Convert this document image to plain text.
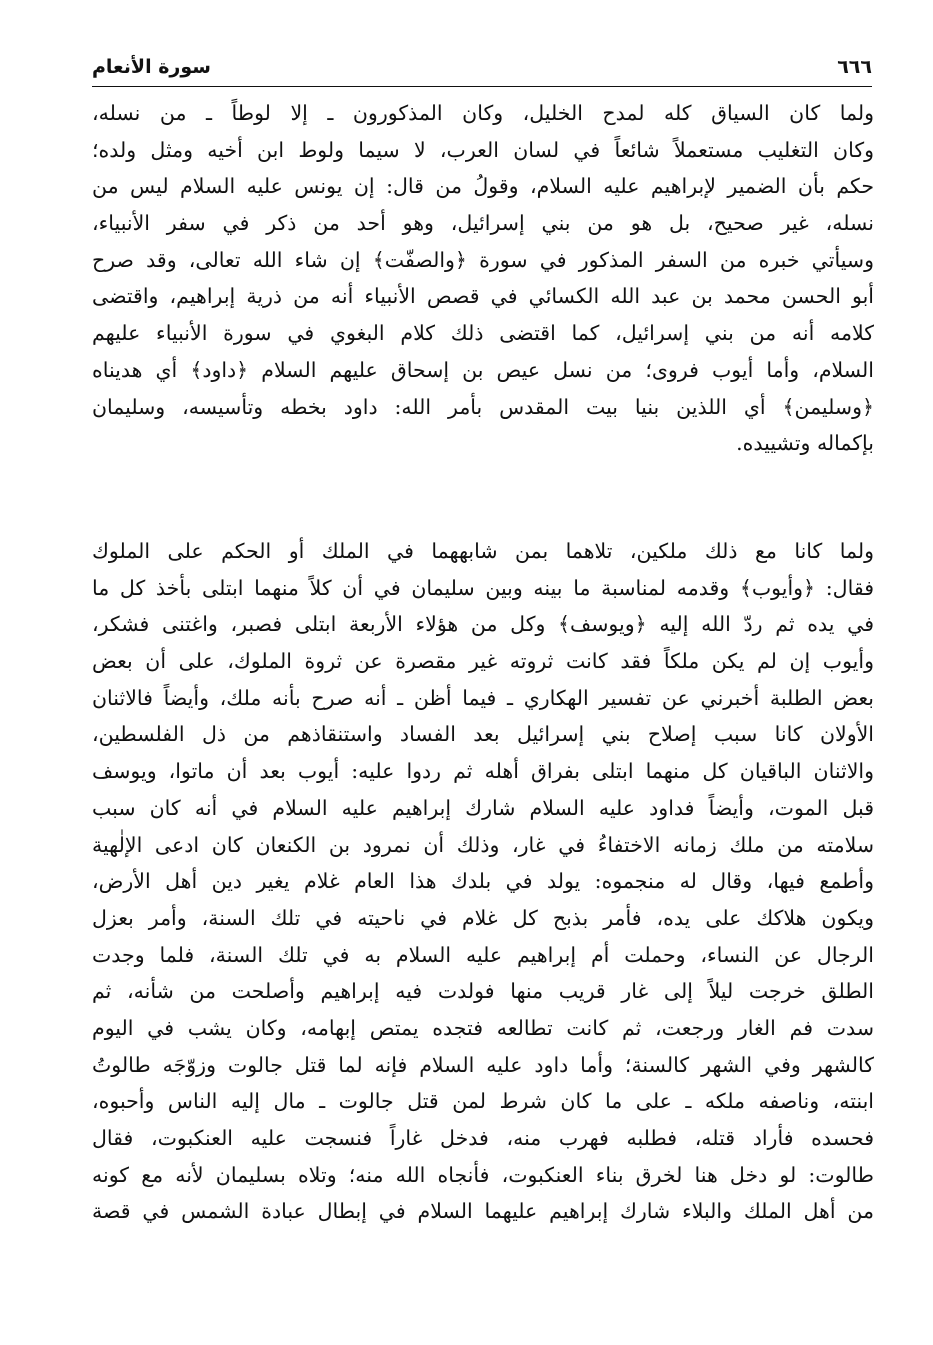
٦٦٦
سورة الأنعام
ولما كان السياق كله لمدح الخليل، وكان المذكورون ـ إلا لوطاً ـ من نسله،
وكان التغليب مستعملاً شائعاً في لسان العرب، لا سيما ولوط ابن أخيه ومثل ولده؛
حكم بأن الضمير لإبراهيم عليه السلام، وقولُ من قال: إن يونس عليه السلام ليس من
نسله، غير صحيح، بل هو من بني إسرائيل، وهو أحد من ذكر في سفر الأنبياء،
وسيأتي خبره من السفر المذكور في سورة ﴿والصفّت﴾ إن شاء الله تعالى، وقد صرح
أبو الحسن محمد بن عبد الله الكسائي في قصص الأنبياء أنه من ذرية إبراهيم، واقتضى
كلامه أنه من بني إسرائيل، كما اقتضى ذلك كلام البغوي في سورة الأنبياء عليهم
السلام، وأما أيوب فروى؛ من نسل عيص بن إسحاق عليهم السلام ﴿داود﴾ أي هديناه
﴿وسليمن﴾ أي اللذين بنيا بيت المقدس بأمر الله: داود بخطه وتأسيسه، وسليمان
بإكماله وتشييده.
ولما كانا مع ذلك ملكين، تلاهما بمن شابههما في الملك أو الحكم على الملوك
فقال: ﴿وأيوب﴾ وقدمه لمناسبة ما بينه وبين سليمان في أن كلاً منهما ابتلى بأخذ كل ما
في يده ثم ردّ الله إليه ﴿ويوسف﴾ وكل من هؤلاء الأربعة ابتلى فصبر، واغتنى فشكر،
وأيوب إن لم يكن ملكاً فقد كانت ثروته غير مقصرة عن ثروة الملوك، على أن بعض
بعض الطلبة أخبرني عن تفسير الهكاري ـ فيما أظن ـ أنه صرح بأنه ملك، وأيضاً فالاثنان
الأولان كانا سبب إصلاح بني إسرائيل بعد الفساد واستنقاذهم من ذل الفلسطين،
والاثنان الباقيان كل منهما ابتلى بفراق أهله ثم ردوا عليه: أيوب بعد أن ماتوا، ويوسف
قبل الموت، وأيضاً فداود عليه السلام شارك إبراهيم عليه السلام في أنه كان سبب
سلامته من ملك زمانه الاختفاءُ في غار، وذلك أن نمرود بن الكنعان كان ادعى الإلٰهية
وأطمع فيها، وقال له منجموه: يولد في بلدك هذا العام غلام يغير دين أهل الأرض،
ويكون هلاكك على يده، فأمر بذبح كل غلام في ناحيته في تلك السنة، وأمر بعزل
الرجال عن النساء، وحملت أم إبراهيم عليه السلام به في تلك السنة، فلما وجدت
الطلق خرجت ليلاً إلى غار قريب منها فولدت فيه إبراهيم وأصلحت من شأنه، ثم
سدت فم الغار ورجعت، ثم كانت تطالعه فتجده يمتص إبهامه، وكان يشب في اليوم
كالشهر وفي الشهر كالسنة؛ وأما داود عليه السلام فإنه لما قتل جالوت وزوّجَه طالوتُ
ابنته، وناصفه ملكه ـ على ما كان شرط لمن قتل جالوت ـ مال إليه الناس وأحبوه،
فحسده فأراد قتله، فطلبه فهرب منه، فدخل غاراً فنسجت عليه العنكبوت، فقال
طالوت: لو دخل هنا لخرق بناء العنكبوت، فأنجاه الله منه؛ وتلاه بسليمان لأنه مع كونه
من أهل الملك والبلاء شارك إبراهيم عليهما السلام في إبطال عبادة الشمس في قصة
